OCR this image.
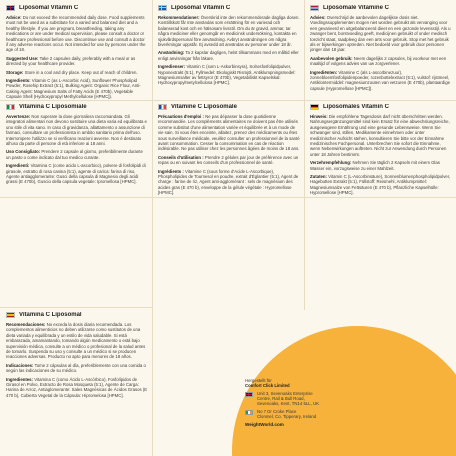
Liposomal Vitamin C

Advice: Do not exceed the recommended daily dose. Food supplements must not be used as a substitute for a varied and balanced diet and a healthy lifestyle. If you are pregnant, breastfeeding, taking any medications or are under medical supervision, please consult a doctor or healthcare professional before use. Discontinue use and consult a doctor if any adverse reactions occur. Not intended for use by persons under the age of 18.

Suggested Use: Take 2 capsules daily, preferably with a meal or as directed by your healthcare provider.

Storage: Store in a cool and dry place. Keep out of reach of children.

Ingredients: Vitamin C (as L-Ascorbic Acid), Sunflower Phospholipid Powder, Rosehip Extract (5:1), Bulking Agent: Organic Rice Flour, Anti-Caking Agent: Magnesium Salts of Fatty Acids (E 470b), Vegetable Capsule Shell (Hydroxypropyl Methylcellulose [HPMC]).

Liposomal Vitamin C

Rekommendationer: Överskrid inte den rekommenderade dagliga dosen. Kosttillskott får inte användas som ersättning för en varierad och balanserad kost och en hälsosam livsstil. Om du är gravid, ammar, tar några mediciner eller genomgår en medicinsk undersökning, kontakta en sjukvårdspersonal före användning. Avbryt användningen om några biverkningar uppstår. Ej avsedd att användas av personer under 18 år.

Användning: Ta 2 kapslar dagligen, helst tillsammans med en måltid eller enligt anvisningar från läkare.

Ingredienser: Vitamin C (som L-Askorbinsyra), Solrosfosfolipidpulver, Nyponextrakt (5:1), Fyllmedel: Ekologiskt Rismjöl, Antiklumpningsmedel: Magnesiumsalter av fettsyror (E 470b), Vegetabiliskt Kapselskal: Hydroxypropylmetylcellulosa [HPMC].

Liposomale Vitamine C

Advies: Overschrijd de aanbevolen dagelijkse dosis niet. Voedingssupplementen mogen niet worden gebruikt als vervanging voor een gevarieerd en uitgebalanceerd dieet en een gezonde levensstijl. Als u zwanger bent, borstvoeding geeft, medicijnen gebruikt of onder medisch toezicht staat, raadpleeg dan een arts voor gebruik. Stop met het gebruik als er bijwerkingen optreden. Niet bedoeld voor gebruik door personen jonger dan 18 jaar.

Aanbevolen gebruik: Neem dagelijks 2 capsules, bij voorkeur met een maaltijd of volgens advies van uw zorgverlener.

Ingrediënten: Vitamine C (als L-ascorbinezuur), zonnebloemfosfolipidenpoeder, rozenbottelextract (5:1), vulstof: rijstmeel, Antiklontermiddel: magnesiumzouten van vetzuren (E 470b), plantaardige capsule (Hypromellose [HPMC]).

Vitamina C Liposomiale

Avvertenze: Non superare la dose giornaliera raccomandata. Gli integratori alimentari non devono sostituire una dieta varia ed equilibrata e uno stile di vita sano. In caso di gravidanza, allattamento o assunzione di farmaci, consultare un professionista in ambito sanitario prima dell'uso. Interrompere l'utilizzo se si verificano reazioni avverse. Non è destinato all'uso da parte di persone di età inferiore ai 18 anni.

Uso Consigliato: Prendere 2 capsule al giorno, preferibilmente durante un pasto o come indicato dal tuo medico curante.

Ingredienti: Vitamina C (come acido L-ascorbico), polvere di fosfolipidi di girasole, estratto di rosa canina (5:1), agente di carica: farina di riso, Agente antiagglomerante: Gusci della capsula di Magnesio degli acidi grassi (E 470b), Guscio della capsula vegetale: Ipromellosa [HPMC].

Vitamine C Liposomale

Précautions d'emploi : Ne pas dépasser la dose quotidienne recommandée. Les compléments alimentaires ne doivent pas être utilisés comme substitut d'une alimentation variée et équilibrée et à un mode de vie sain. Si vous êtes enceinte, allaitez, prenez des médicaments ou êtes sous surveillance médicale, veuillez consulter un professionnel de la santé avant consommation. Cesser la consommation en cas de réaction indésirable. Ne pas utiliser chez les personnes âgées de moins de 18 ans.

Conseils d'utilisation : Prendre 2 gélules par jour de préférence avec un repas ou en suivant les conseils d'un professionnel de santé.

Ingrédients : Vitamine C (sous forme d'Acide L-Ascorbique), Phospholipides de Tournesol en poudre, extrait d'Églantier (5:1), Agent de charge : farine de riz, Agent anti-agglomérant : sels de magnésium des acides gras (E 470 b), enveloppe de la gélule végétale : Hypromellose [HPMC].

Liposomales Vitamin C

Hinweis: Die empfohlene Tagesdosis darf nicht überschritten werden. Nahrungsergänzungsmittel sind kein Ersatz für eine abwechslungsreiche, ausgewogene Ernährung und eine gesunde Lebensweise. Wenn Sie schwanger sind, stillen, Medikamente einnehmen oder unter medizinischer Aufsicht stehen, konsultieren Sie bitte vor der Einnahme medizinisches Fachpersonal. Unterbrechen Sie sofort die Einnahme, wenn Nebenwirkungen auftreten. Nicht zur Anwendung durch Personen unter 18 Jahren bestimmt.

Verzehrempfehlung: Nehmen Sie täglich 2 Kapseln mit einem Glas Wasser ein, vorzugsweise zu einer Mahlzeit.

Zutaten: Vitamin C (L-Ascorbinsäure), Sonnenblumenphospholipidpulver, Hagebutten Extrakt (5:1), Füllstoff: Reismehl, Antiklumpmittel: Magnesiumsalze von Fettsäuren (E 470 b), Pflanzliche Kapselhülle: Hypromellose [HPMC].

Vitamina C Liposomal

Recomendaciones: No exceda la dosis diaria recomendada. Los complementos alimenticios no deben utilizarse como sustitutos de una dieta variada y equilibrada y un estilo de vida saludable. Si está embarazada, amamantando, tomando algún medicamento o está bajo supervisión médica, consulte a un médico o profesional de la salud antes de tomarlo. Suspenda su uso y consulte a un médico si se producen reacciones adversas. Producto no apto para menores de 18 años.

Indicaciones: Tome 2 cápsulas al día, preferiblemente con una comida o según las indicaciones de su médico.

Ingredientes: Vitamina C (como Ácido L-Ascórbico), Fosfolípidos de Girasol en Polvo, Extracto de Rosa Mosqueta (5:1), Agente de Carga: Harina de Arroz, Antiaglomerante: Sales Magnésicas de Ácidos Grasos (E 470 b), Cubierta Vegetal de la Cápsula: Hipromelosa [HPMC].

Hergestellt für
Comfort Click Limited
Unit 3, Sevenoaks Enterprise
Centre, Rail & Bull Road,
Sevenoaks, Kent, TN14 5LL, UK
No 7 Dr Croke Place
Clonmel, Co. Tipperary, Ireland
WeightWorld.com
